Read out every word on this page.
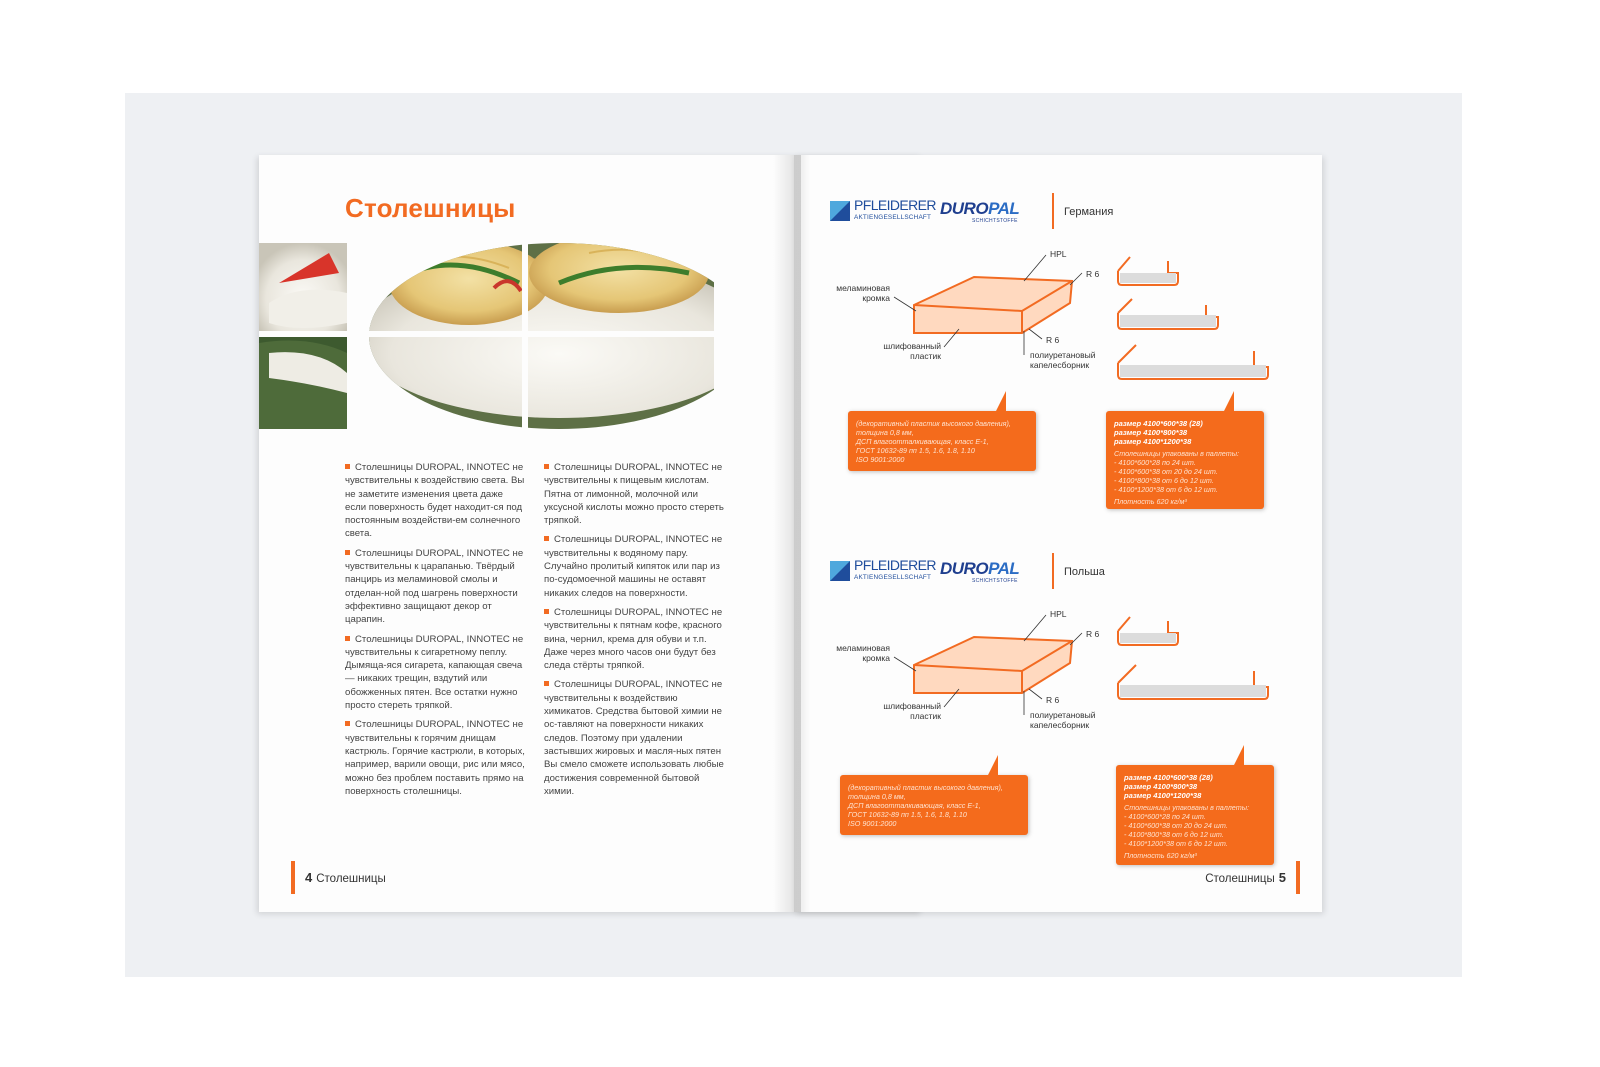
Столешницы

Столешницы DUROPAL, INNOTEC не чувствительны к воздействию света. Вы не заметите изменения цвета даже если поверхность будет находит-ся под постоянным воздействи-ем солнечного света.

Столешницы DUROPAL, INNOTEC не чувствительны к царапанью. Твёрдый панцирь из меламиновой смолы и отделан-ной под шагрень поверхности эффективно защищают декор от царапин.

Столешницы DUROPAL, INNOTEC не чувствительны к сигаретному пеплу. Дымяща-яся сигарета, капающая свеча — никаких трещин, вздутий или обожженных пятен. Все остатки нужно просто стереть тряпкой.

Столешницы DUROPAL, INNOTEC не чувствительны к горячим днищам кастрюль. Горячие кастрюли, в которых, например, варили овощи, рис или мясо, можно без проблем поставить прямо на поверхность столешницы.

Столешницы DUROPAL, INNOTEC не чувствительны к пищевым кислотам. Пятна от лимонной, молочной или уксусной кислоты можно просто стереть тряпкой.

Столешницы DUROPAL, INNOTEC не чувствительны к водяному пару. Случайно пролитый кипяток или пар из по-судомоечной машины не оставят никаких следов на поверхности.

Столешницы DUROPAL, INNOTEC не чувствительны к пятнам кофе, красного вина, чернил, крема для обуви и т.п. Даже через много часов они будут без следа стёрты тряпкой.

Столешницы DUROPAL, INNOTEC не чувствительны к воздействию химикатов. Средства бытовой химии не ос-тавляют на поверхности никаких следов. Поэтому при удалении застывших жировых и масля-ных пятен Вы смело сможете использовать любые достижения современной бытовой химии.

4 Столешницы
PFLEIDERER
AKTIENGESELLSCHAFT DUROPAL
SCHICHTSTOFFE
Германия
HPL
R 6
R 6
меламиновая
кромка
шлифованный
пластик	полиуретановый
капелесборник
(декоративный пластик высокого давления),
толщина 0,8 мм,
ДСП влагоотталкивающая, класс Е-1,
ГОСТ 10632-89 пп 1.5, 1.6, 1.8, 1.10
ISO 9001:2000
размер 4100*600*38 (28)
размер 4100*800*38
размер 4100*1200*38
Столешницы упакованы в паллеты:
- 4100*600*28 по 24 шт.
- 4100*600*38 от 20 до 24 шт.
- 4100*800*38 от 6 до 12 шт.
- 4100*1200*38 от 6 до 12 шт.
Плотность 620 кг/м³
PFLEIDERER
AKTIENGESELLSCHAFT DUROPAL
SCHICHTSTOFFE
Польша
HPL
R 6
R 6
меламиновая
кромка
шлифованный
пластик	полиуретановый
капелесборник
(декоративный пластик высокого давления),
толщина 0,8 мм,
ДСП влагоотталкивающая, класс Е-1,
ГОСТ 10632-89 пп 1.5, 1.6, 1.8, 1.10
ISO 9001:2000
размер 4100*600*38 (28)
размер 4100*800*38
размер 4100*1200*38
Столешницы упакованы в паллеты:
- 4100*600*28 по 24 шт.
- 4100*600*38 от 20 до 24 шт.
- 4100*800*38 от 6 до 12 шт.
- 4100*1200*38 от 6 до 12 шт.
Плотность 620 кг/м³
Столешницы 5
